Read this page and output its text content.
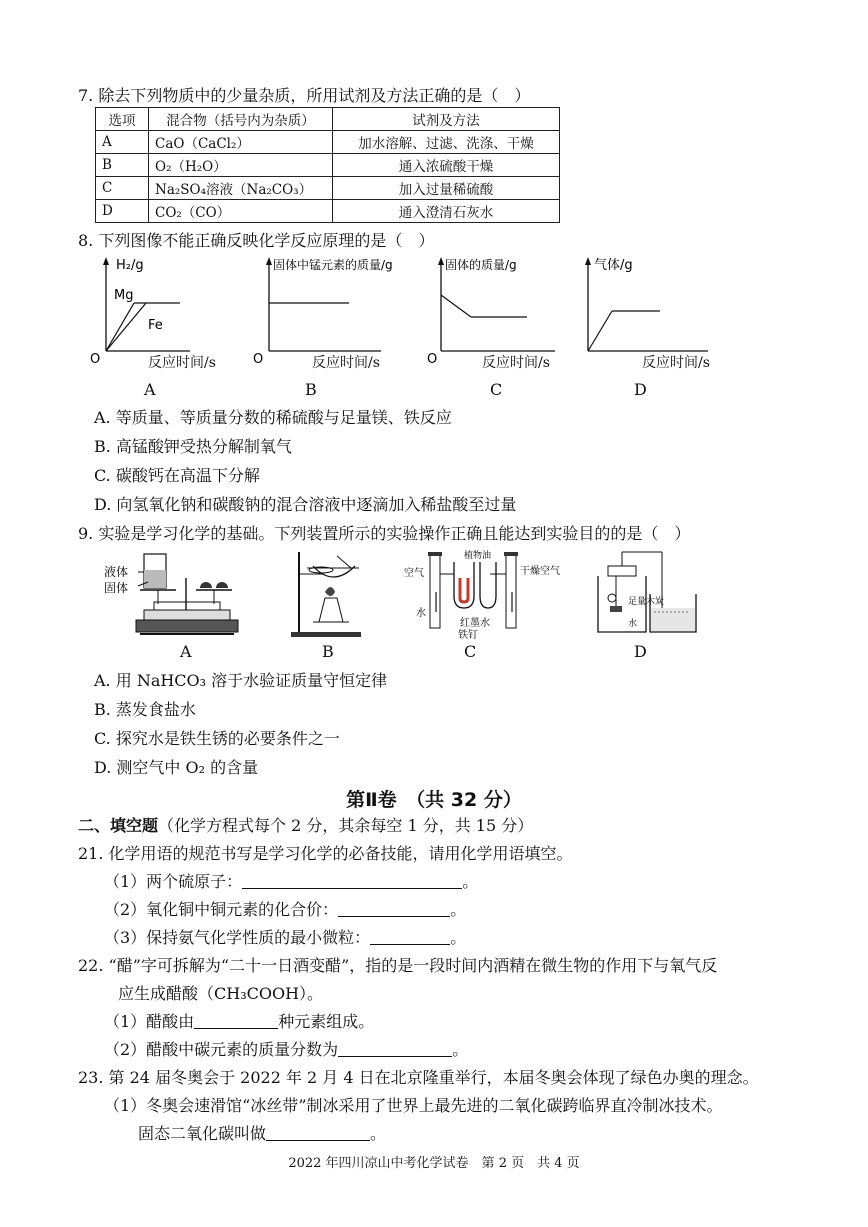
7. 除去下列物质中的少量杂质，所用试剂及方法正确的是（　）
选项	混合物（括号内为杂质）	试剂及方法
A	CaO（CaCl₂）	加水溶解、过滤、洗涤、干燥
B	O₂（H₂O）	通入浓硫酸干燥
C	Na₂SO₄溶液（Na₂CO₃）	加入过量稀硫酸
D	CO₂（CO）	通入澄清石灰水
8. 下列图像不能正确反映化学反应原理的是（　）
H₂/g
O
Mg
Fe
反应时间/s
固体中锰元素的质量/g
O	反应时间/s
固体的质量/g
O	反应时间/s
气体/g
反应时间/s
A	B	C	D
A. 等质量、等质量分数的稀硫酸与足量镁、铁反应
B. 高锰酸钾受热分解制氧气
C. 碳酸钙在高温下分解
D. 向氢氧化钠和碳酸钠的混合溶液中逐滴加入稀盐酸至过量
9. 实验是学习化学的基础。下列装置所示的实验操作正确且能达到实验目的的是（　）
液体
固体
空气	干燥空气
水
红墨水
铁钉
植物油
足量木炭
水
A	B	C	D
A. 用 NaHCO₃ 溶于水验证质量守恒定律
B. 蒸发食盐水
C. 探究水是铁生锈的必要条件之一
D. 测空气中 O₂ 的含量
第Ⅱ卷　（共 32 分）
二、填空题（化学方程式每个 2 分，其余每空 1 分，共 15 分）
21. 化学用语的规范书写是学习化学的必备技能，请用化学用语填空。
（1）两个硫原子：	。
（2）氧化铜中铜元素的化合价：	。
（3）保持氨气化学性质的最小微粒：	。
22. “醋”字可拆解为“二十一日酒变醋”，指的是一段时间内酒精在微生物的作用下与氧气反
应生成醋酸（CH₃COOH）。
（1）醋酸由	种元素组成。
（2）醋酸中碳元素的质量分数为	。
23. 第 24 届冬奥会于 2022 年 2 月 4 日在北京隆重举行，本届冬奥会体现了绿色办奥的理念。
（1）冬奥会速滑馆“冰丝带”制冰采用了世界上最先进的二氧化碳跨临界直冷制冰技术。
固态二氧化碳叫做	。
2022 年四川凉山中考化学试卷　第 2 页　共 4 页
